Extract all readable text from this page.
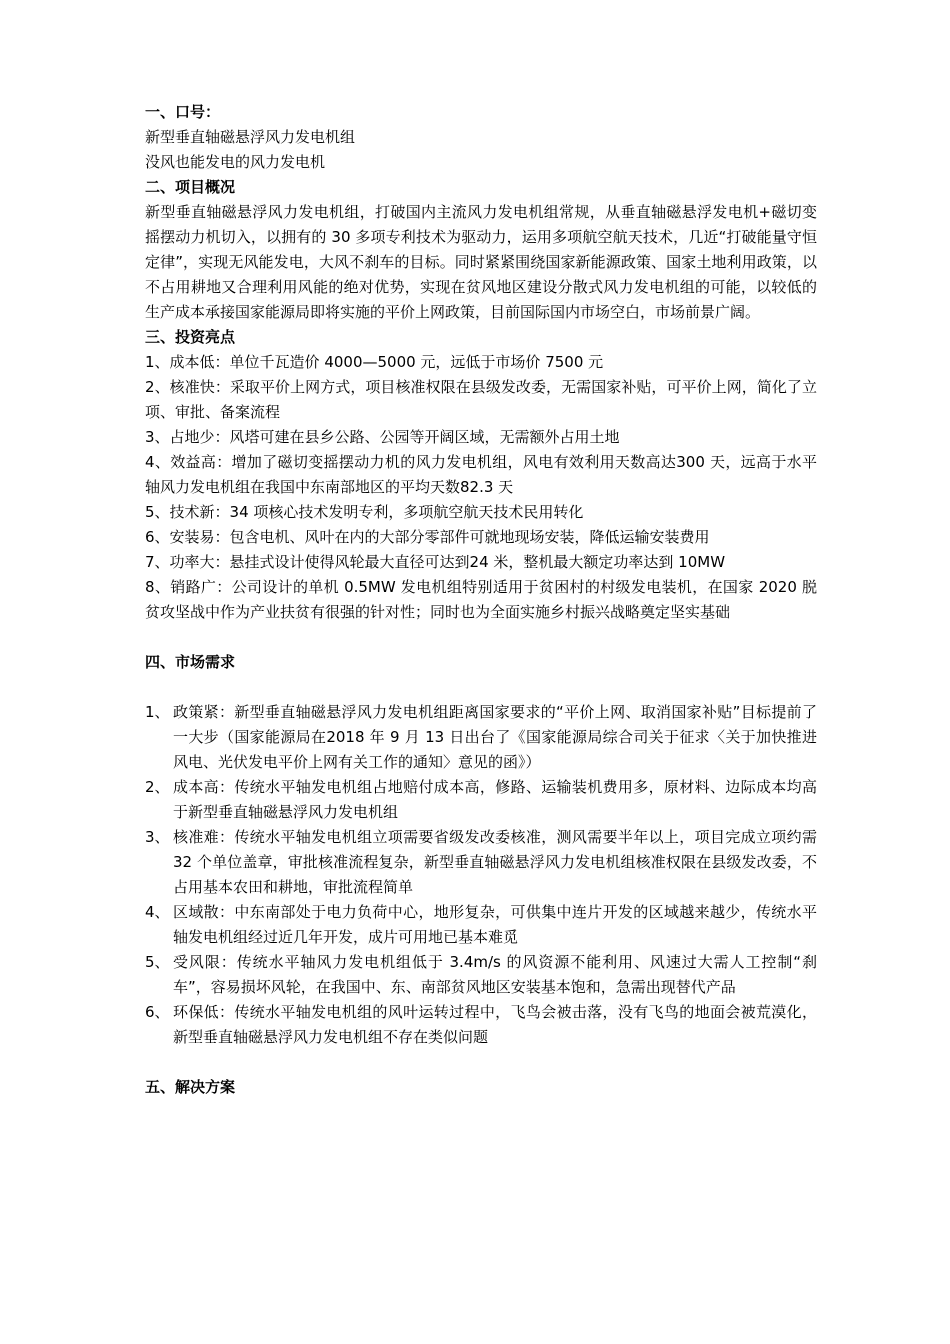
一、口号：
新型垂直轴磁悬浮风力发电机组
没风也能发电的风力发电机
二、项目概况
新型垂直轴磁悬浮风力发电机组，打破国内主流风力发电机组常规，从垂直轴磁悬浮发电机+磁切变摇摆动力机切入，以拥有的 30 多项专利技术为驱动力，运用多项航空航天技术，几近“打破能量守恒定律”，实现无风能发电，大风不刹车的目标。同时紧紧围绕国家新能源政策、国家土地利用政策，以不占用耕地又合理利用风能的绝对优势，实现在贫风地区建设分散式风力发电机组的可能，以较低的生产成本承接国家能源局即将实施的平价上网政策，目前国际国内市场空白，市场前景广阔。
三、投资亮点
1、成本低：单位千瓦造价 4000—5000 元，远低于市场价 7500 元
2、核准快：采取平价上网方式，项目核准权限在县级发改委，无需国家补贴，可平价上网，简化了立项、审批、备案流程
3、占地少：风塔可建在县乡公路、公园等开阔区域，无需额外占用土地
4、效益高：增加了磁切变摇摆动力机的风力发电机组，风电有效利用天数高达300 天，远高于水平轴风力发电机组在我国中东南部地区的平均天数82.3 天
5、技术新：34 项核心技术发明专利，多项航空航天技术民用转化
6、安装易：包含电机、风叶在内的大部分零部件可就地现场安装，降低运输安装费用
7、功率大：悬挂式设计使得风轮最大直径可达到24 米，整机最大额定功率达到 10MW
8、销路广：公司设计的单机 0.5MW 发电机组特别适用于贫困村的村级发电装机，在国家 2020 脱贫攻坚战中作为产业扶贫有很强的针对性；同时也为全面实施乡村振兴战略奠定坚实基础
四、市场需求
1、 政策紧：新型垂直轴磁悬浮风力发电机组距离国家要求的“平价上网、取消国家补贴”目标提前了一大步（国家能源局在2018 年 9 月 13 日出台了《国家能源局综合司关于征求〈关于加快推进风电、光伏发电平价上网有关工作的通知〉意见的函》）
2、 成本高：传统水平轴发电机组占地赔付成本高，修路、运输装机费用多，原材料、边际成本均高于新型垂直轴磁悬浮风力发电机组
3、 核准难：传统水平轴发电机组立项需要省级发改委核准，测风需要半年以上，项目完成立项约需 32 个单位盖章，审批核准流程复杂，新型垂直轴磁悬浮风力发电机组核准权限在县级发改委，不占用基本农田和耕地，审批流程简单
4、 区域散：中东南部处于电力负荷中心，地形复杂，可供集中连片开发的区域越来越少，传统水平轴发电机组经过近几年开发，成片可用地已基本难觅
5、 受风限：传统水平轴风力发电机组低于 3.4m/s 的风资源不能利用、风速过大需人工控制“刹车”，容易损坏风轮，在我国中、东、南部贫风地区安装基本饱和，急需出现替代产品
6、 环保低：传统水平轴发电机组的风叶运转过程中，飞鸟会被击落，没有飞鸟的地面会被荒漠化，新型垂直轴磁悬浮风力发电机组不存在类似问题
五、解决方案
